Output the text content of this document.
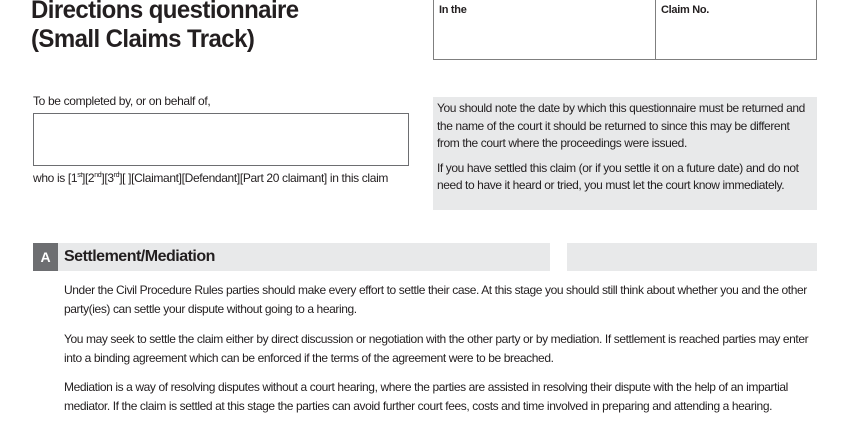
Directions questionnaire
(Small Claims Track)
In the	Claim No.
To be completed by, or on behalf of,
who is [1st][2nd][3rd][ ][Claimant][Defendant][Part 20 claimant] in this claim

You should note the date by which this questionnaire must be returned and the name of the court it should be returned to since this may be different from the court where the proceedings were issued.

If you have settled this claim (or if you settle it on a future date) and do not need to have it heard or tried, you must let the court know immediately.

A Settlement/Mediation

Under the Civil Procedure Rules parties should make every effort to settle their case. At this stage you should still think about whether you and the other party(ies) can settle your dispute without going to a hearing.

You may seek to settle the claim either by direct discussion or negotiation with the other party or by mediation. If settlement is reached parties may enter into a binding agreement which can be enforced if the terms of the agreement were to be breached.

Mediation is a way of resolving disputes without a court hearing, where the parties are assisted in resolving their dispute with the help of an impartial mediator. If the claim is settled at this stage the parties can avoid further court fees, costs and time involved in preparing and attending a hearing.
